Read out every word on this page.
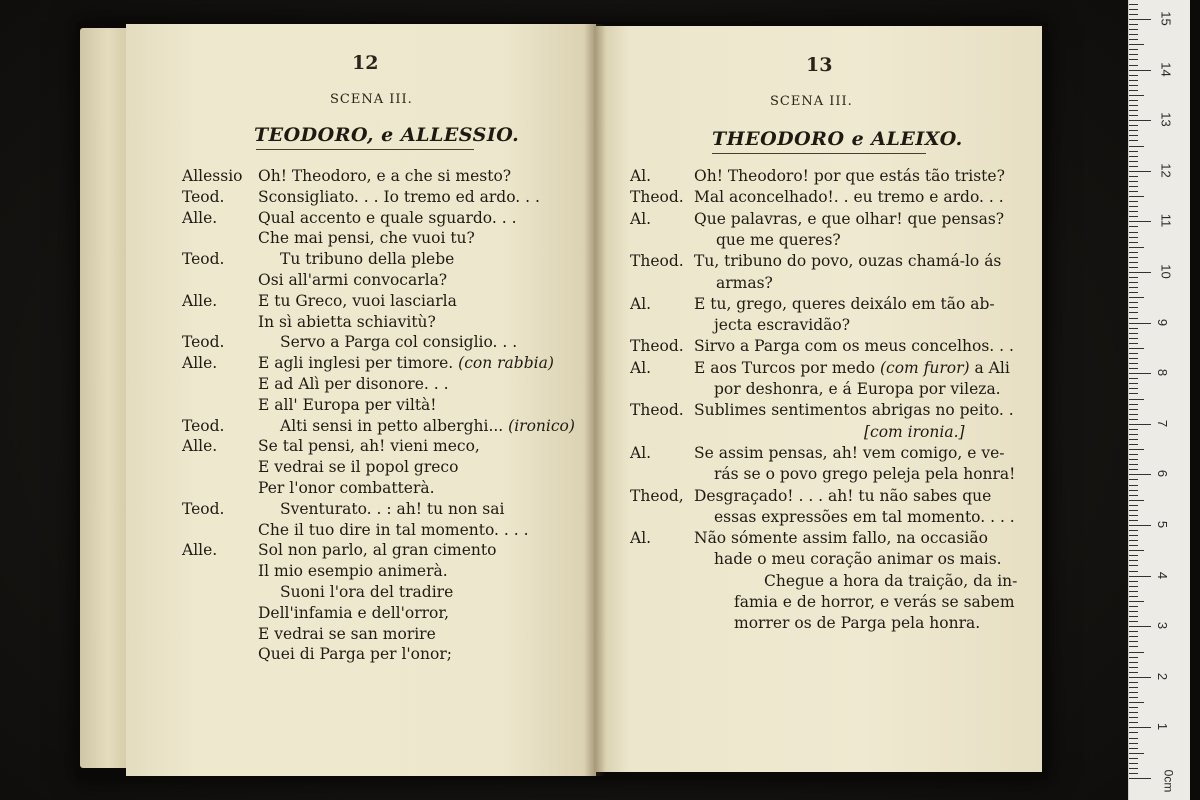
12
SCENA III.
TEODORO, e ALLESSIO.
Allessio Oh! Theodoro, e a che si mesto?
Teod. Sconsigliato. . . Io tremo ed ardo. . .
Alle.	Qual accento e quale sguardo. . .
Che mai pensi, che vuoi tu?
Teod.	Tu tribuno della plebe
Osi all'armi convocarla?
Alle.	E tu Greco, vuoi lasciarla
In sì abietta schiavitù?
Teod.	Servo a Parga col consiglio. . .
Alle.	E agli inglesi per timore. (con rabbia)
E ad Alì per disonore. . .
E all' Europa per viltà!
Teod.	Alti sensi in petto alberghi... (ironico)
Alle.	Se tal pensi, ah! vieni meco,
E vedrai se il popol greco
Per l'onor combatterà.
Teod.	Sventurato. . : ah! tu non sai
Che il tuo dire in tal momento. . . .
Alle.	Sol non parlo, al gran cimento
Il mio esempio animerà.
Suoni l'ora del tradire
Dell'infamia e dell'orror,
E vedrai se san morire
Quei di Parga per l'onor;
13
SCENA III.
THEODORO e ALEIXO.
Al.	Oh! Theodoro! por que estás tão triste?
Theod. Mal aconcelhado!. . eu tremo e ardo. . .
Al.	Que palavras, e que olhar! que pensas?
que me queres?
Theod. Tu, tribuno do povo, ouzas chamá-lo ás
armas?
Al.	E tu, grego, queres deixálo em tão ab-
jecta escravidão?
Theod. Sirvo a Parga com os meus concelhos. . .
Al.	E aos Turcos por medo (com furor) a Ali
por deshonra, e á Europa por vileza.
Theod. Sublimes sentimentos abrigas no peito. .
[com ironia.]
Al.	Se assim pensas, ah! vem comigo, e ve-
rás se o povo grego peleja pela honra!
Theod, Desgraçado! . . . ah! tu não sabes que
essas expressões em tal momento. . . .
Al.	Não sómente assim fallo, na occasião
hade o meu coração animar os mais.
Chegue a hora da traição, da in-
famia e de horror, e verás se sabem
morrer os de Parga pela honra.
1
2
3
4
5
6
7
8
9
10
11
12
13
14
15
0cm
